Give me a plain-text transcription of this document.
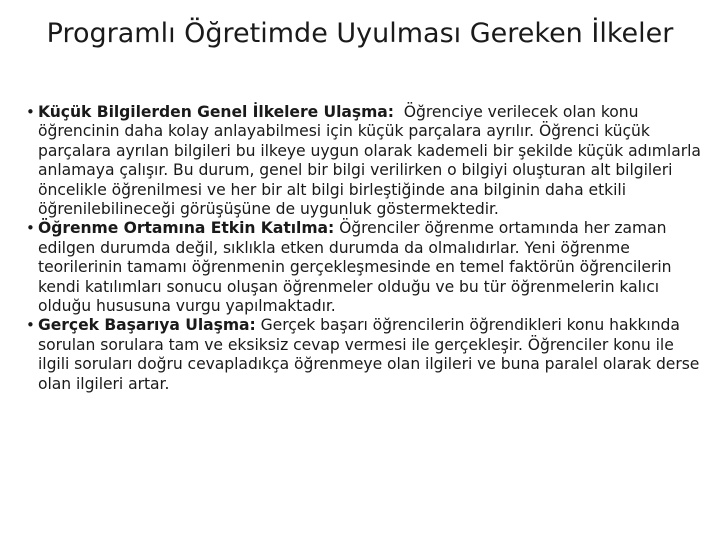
Programlı Öğretimde Uyulması Gereken İlkeler
• Küçük Bilgilerden Genel İlkelere Ulaşma:  Öğrenciye verilecek olan konu öğrencinin daha kolay anlayabilmesi için küçük parçalara ayrılır. Öğrenci küçük parçalara ayrılan bilgileri bu ilkeye uygun olarak kademeli bir şekilde küçük adımlarla anlamaya çalışır. Bu durum, genel bir bilgi verilirken o bilgiyi oluşturan alt bilgileri öncelikle öğrenilmesi ve her bir alt bilgi birleştiğinde ana bilginin daha etkili öğrenilebilineceği görüşüşüne de uygunluk göstermektedir.
• Öğrenme Ortamına Etkin Katılma: Öğrenciler öğrenme ortamında her zaman edilgen durumda değil, sıklıkla etken durumda da olmalıdırlar. Yeni öğrenme teorilerinin tamamı öğrenmenin gerçekleşmesinde en temel faktörün öğrencilerin kendi katılımları sonucu oluşan öğrenmeler olduğu ve bu tür öğrenmelerin kalıcı olduğu hususuna vurgu yapılmaktadır.
• Gerçek Başarıya Ulaşma: Gerçek başarı öğrencilerin öğrendikleri konu hakkında sorulan sorulara tam ve eksiksiz cevap vermesi ile gerçekleşir. Öğrenciler konu ile ilgili soruları doğru cevapladıkça öğrenmeye olan ilgileri ve buna paralel olarak derse olan ilgileri artar.
